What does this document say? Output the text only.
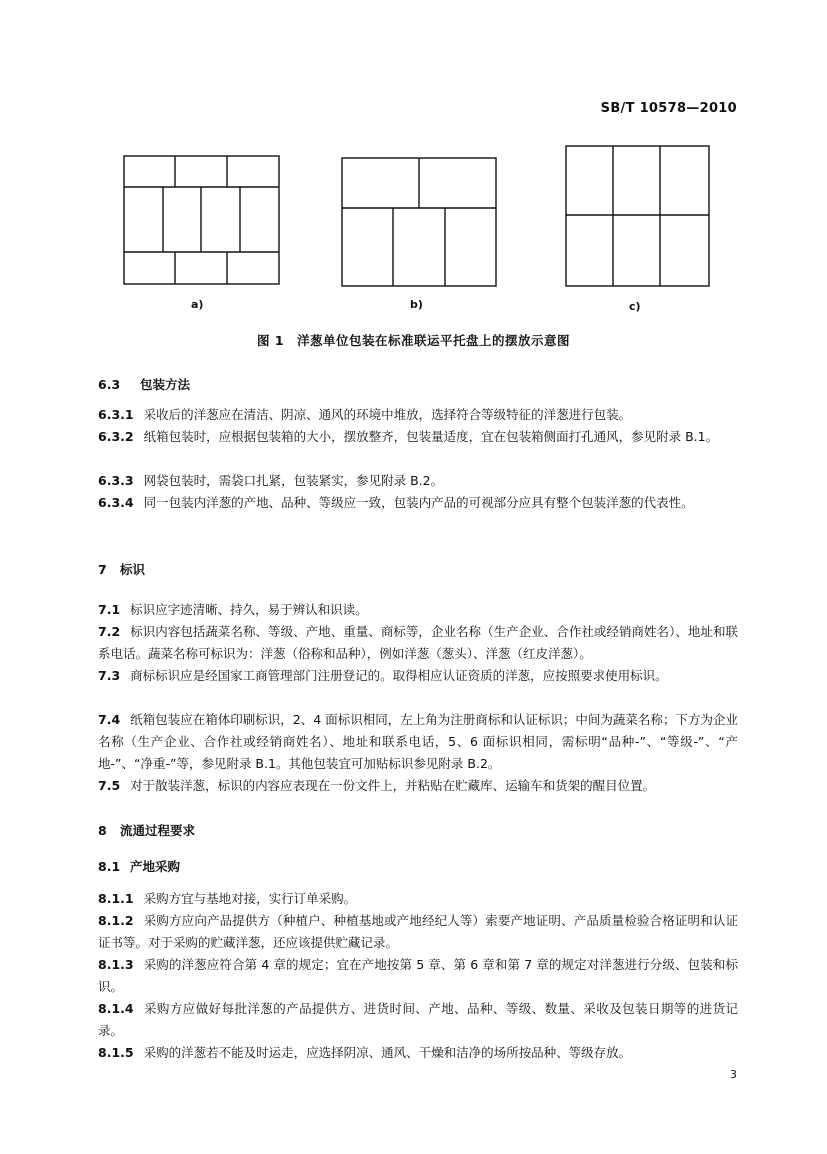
SB/T 10578—2010
a)	b)	c)
图 1　洋葱单位包装在标准联运平托盘上的摆放示意图
6.3 包装方法
6.3.1 采收后的洋葱应在清洁、阴凉、通风的环境中堆放，选择符合等级特征的洋葱进行包装。
6.3.2 纸箱包装时，应根据包装箱的大小，摆放整齐，包装量适度，宜在包装箱侧面打孔通风，参见附录 B.1。
6.3.3 网袋包装时，需袋口扎紧，包装紧实，参见附录 B.2。
6.3.4 同一包装内洋葱的产地、品种、等级应一致，包装内产品的可视部分应具有整个包装洋葱的代表性。
7 标识
7.1 标识应字迹清晰、持久，易于辨认和识读。
7.2 标识内容包括蔬菜名称、等级、产地、重量、商标等，企业名称（生产企业、合作社或经销商姓名）、地址和联系电话。蔬菜名称可标识为：洋葱（俗称和品种），例如洋葱（葱头）、洋葱（红皮洋葱）。
7.3 商标标识应是经国家工商管理部门注册登记的。取得相应认证资质的洋葱，应按照要求使用标识。
7.4 纸箱包装应在箱体印刷标识，2、4 面标识相同，左上角为注册商标和认证标识；中间为蔬菜名称；下方为企业名称（生产企业、合作社或经销商姓名）、地址和联系电话，5、6 面标识相同，需标明“品种-”、“等级-”、“产地-”、“净重-”等，参见附录 B.1。其他包装宜可加贴标识参见附录 B.2。
7.5 对于散装洋葱，标识的内容应表现在一份文件上，并粘贴在贮藏库、运输车和货架的醒目位置。
8 流通过程要求
8.1 产地采购
8.1.1 采购方宜与基地对接，实行订单采购。
8.1.2 采购方应向产品提供方（种植户、种植基地或产地经纪人等）索要产地证明、产品质量检验合格证明和认证证书等。对于采购的贮藏洋葱，还应该提供贮藏记录。
8.1.3 采购的洋葱应符合第 4 章的规定；宜在产地按第 5 章、第 6 章和第 7 章的规定对洋葱进行分级、包装和标识。
8.1.4 采购方应做好每批洋葱的产品提供方、进货时间、产地、品种、等级、数量、采收及包装日期等的进货记录。
8.1.5 采购的洋葱若不能及时运走，应选择阴凉、通风、干燥和洁净的场所按品种、等级存放。
3
